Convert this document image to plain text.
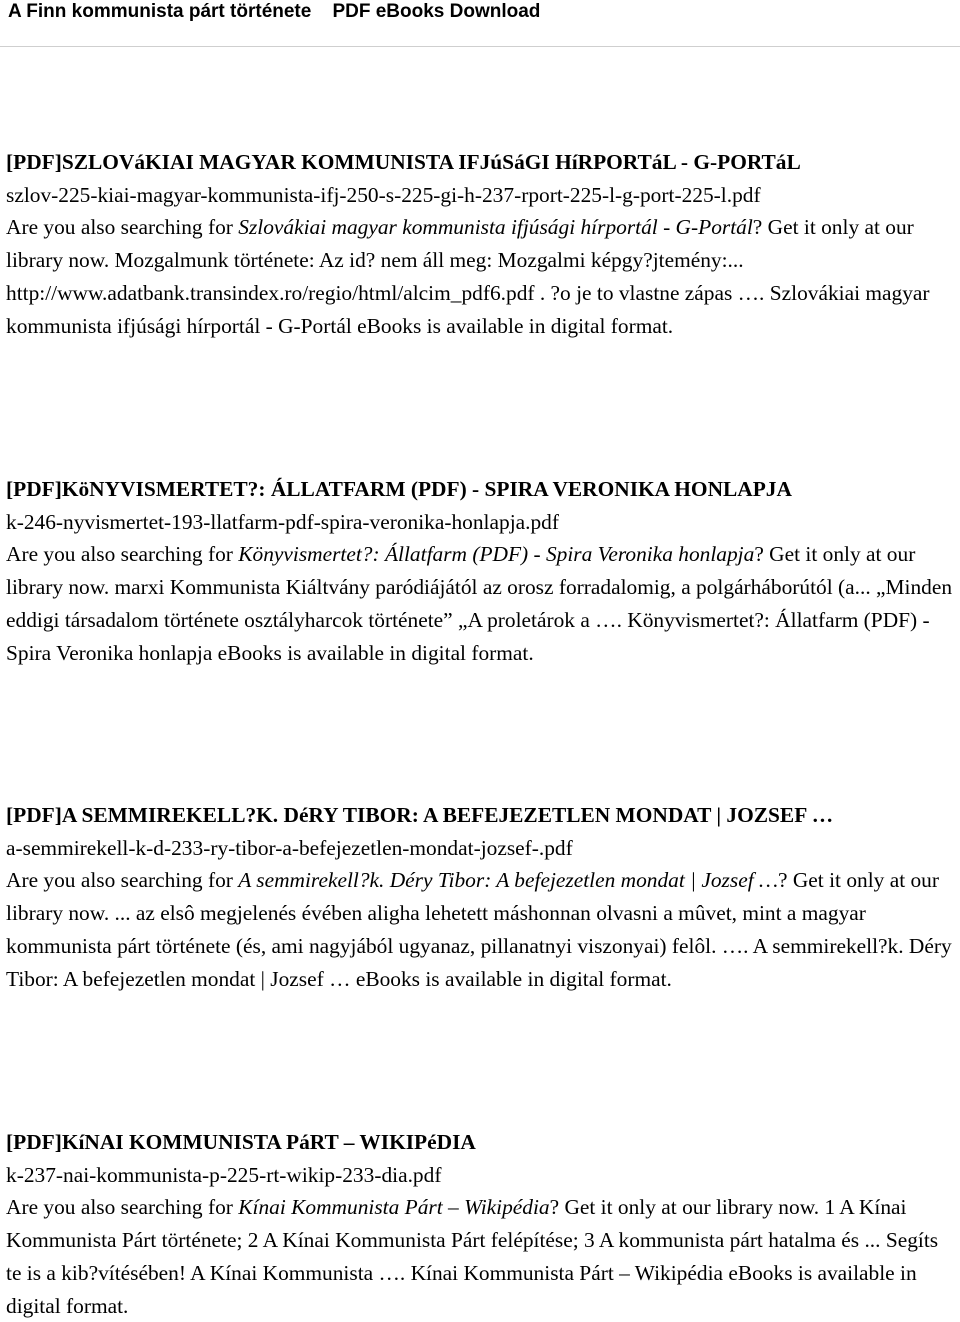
A Finn kommunista párt története    PDF eBooks Download

[PDF]SZLOVáKIAI MAGYAR KOMMUNISTA IFJúSáGI HíRPORTáL - G-PORTáL

szlov-225-kiai-magyar-kommunista-ifj-250-s-225-gi-h-237-rport-225-l-g-port-225-l.pdf

Are you also searching for Szlovákiai magyar kommunista ifjúsági hírportál - G-Portál? Get it only at our library now. Mozgalmunk története: Az id? nem áll meg: Mozgalmi képgy?jtemény:... http://www.adatbank.transindex.ro/regio/html/alcim_pdf6.pdf . ?o je to vlastne zápas …. Szlovákiai magyar kommunista ifjúsági hírportál - G-Portál eBooks is available in digital format.

[PDF]KöNYVISMERTET?: ÁLLATFARM (PDF) - SPIRA VERONIKA HONLAPJA

k-246-nyvismertet-193-llatfarm-pdf-spira-veronika-honlapja.pdf

Are you also searching for Könyvismertet?: Állatfarm (PDF) - Spira Veronika honlapja? Get it only at our library now. marxi Kommunista Kiáltvány paródiájától az orosz forradalomig, a polgárháborútól (a... „Minden eddigi társadalom története osztályharcok története” „A proletárok a …. Könyvismertet?: Állatfarm (PDF) - Spira Veronika honlapja eBooks is available in digital format.

[PDF]A SEMMIREKELL?K. DéRY TIBOR: A BEFEJEZETLEN MONDAT | JOZSEF …

a-semmirekell-k-d-233-ry-tibor-a-befejezetlen-mondat-jozsef-.pdf

Are you also searching for A semmirekell?k. Déry Tibor: A befejezetlen mondat | Jozsef …? Get it only at our library now. ... az elsô megjelenés évében aligha lehetett máshonnan olvasni a mûvet, mint a magyar kommunista párt története (és, ami nagyjából ugyanaz, pillanatnyi viszonyai) felôl. …. A semmirekell?k. Déry Tibor: A befejezetlen mondat | Jozsef … eBooks is available in digital format.

[PDF]KíNAI KOMMUNISTA PáRT – WIKIPéDIA

k-237-nai-kommunista-p-225-rt-wikip-233-dia.pdf

Are you also searching for Kínai Kommunista Párt – Wikipédia? Get it only at our library now. 1 A Kínai Kommunista Párt története; 2 A Kínai Kommunista Párt felépítése; 3 A kommunista párt hatalma és ... Segíts te is a kib?vítésében! A Kínai Kommunista …. Kínai Kommunista Párt – Wikipédia eBooks is available in digital format.
